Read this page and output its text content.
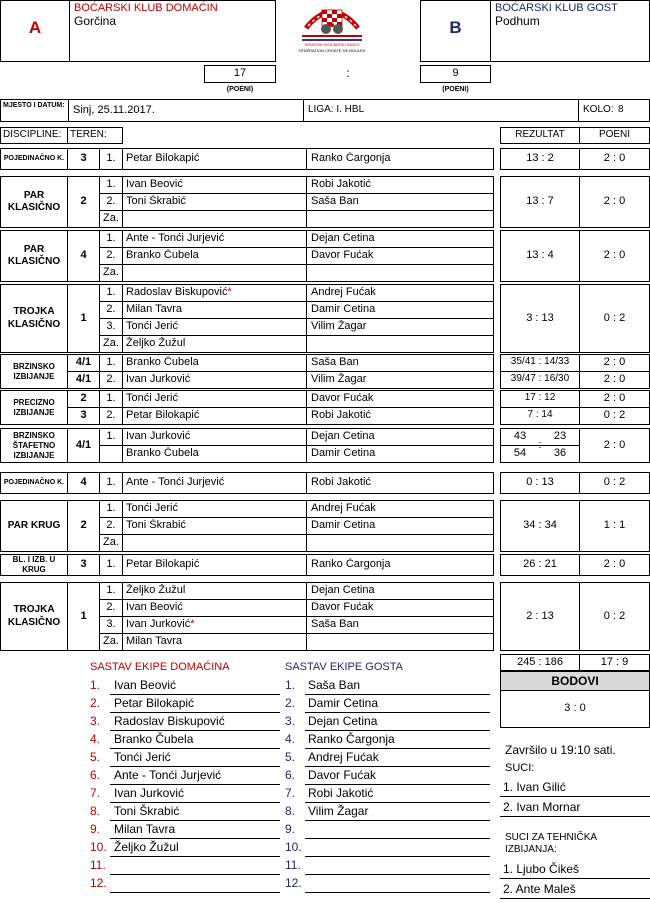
A
BOĆARSKI KLUB DOMAĆIN
Gorčina
HRVATSKI BOĆARSKI SAVEZ
FÉDÉRATION CROATE DE BOULES
B
BOĆARSKI KLUB GOST
Podhum
17
(POENI)
:	9
(POENI)
MJESTO I DATUM: Sinj, 25.11.2017.	LIGA: I. HBL	KOLO: 8
DISCIPLINE: TEREN:	REZULTAT	POENI
POJEDINAČNO K.	3	1. Petar Bilokapić	Ranko Čargonja	13 : 2	2 : 0
PAR KLASIČNO
2
1. Ivan Beović	Robi Jakotić
2. Toni Škrabić	Saša Ban
Za.
13 : 7	2 : 0
PAR KLASIČNO
4
1. Ante - Tonći Jurjević	Dejan Cetina
2. Branko Čubela	Davor Fućak
Za.
13 : 4	2 : 0
TROJKA KLASIČNO
1
1. Radoslav Biskupović*	Andrej Fućak
2. Milan Tavra	Damir Cetina
3. Tonći Jerić	Vilim Žagar
Za. Željko Žužul
3 : 13	0 : 2
BRZINSKO IZBIJANJE
4/1	1. Branko Čubela	Saša Ban	35/41 : 14/33	2 : 0
4/1	2. Ivan Jurković	Vilim Žagar	39/47 : 16/30	2 : 0
PRECIZNO IZBIJANJE
2	1. Tonći Jerić	Davor Fućak	17 : 12	2 : 0
3	2. Petar Bilokapić	Robi Jakotić	7 : 14	0 : 2
BRZINSKO ŠTAFETNO IZBIJANJE
4/1
1. Ivan Jurković	Dejan Cetina
Branko Čubela	Damir Cetina
43	23
54	36
2 : 0
POJEDINAČNO K.	4	1. Ante - Tonći Jurjević	Robi Jakotić	0 : 13	0 : 2
PAR KRUG	2
1. Tonći Jerić	Andrej Fućak
2. Toni Škrabić	Damir Cetina
Za.
34 : 34	1 : 1
BL. I IZB. U KRUG	3	1. Petar Bilokapić	Ranko Čargonja	26 : 21	2 : 0
TROJKA KLASIČNO
1
1. Željko Žužul	Dejan Cetina
2. Ivan Beović	Davor Fućak
3. Ivan Jurković*	Saša Ban
Za. Milan Tavra
2 : 13	0 : 2
245 : 186	17 : 9
BODOVI
3 : 0
SASTAV EKIPE DOMAĆINA	SASTAV EKIPE GOSTA
1. Ivan Beović	1. Saša Ban
2. Petar Bilokapić	2. Damir Cetina
3. Radoslav Biskupović	3. Dejan Cetina
4. Branko Čubela	4. Ranko Čargonja
5. Tonći Jerić	5. Andrej Fućak
6. Ante - Tonći Jurjević	6. Davor Fućak
7. Ivan Jurković	7. Robi Jakotić
8. Toni Škrabić	8. Vilim Žagar
9. Milan Tavra	9.
10. Željko Žužul	10.
11.	11.
12.	12.
Završilo u 19:10 sati.
SUCI:
1. Ivan Gilić
2. Ivan Mornar
SUCI ZA TEHNIČKA IZBIJANJA:
1. Ljubo Čikeš
2. Ante Maleš
